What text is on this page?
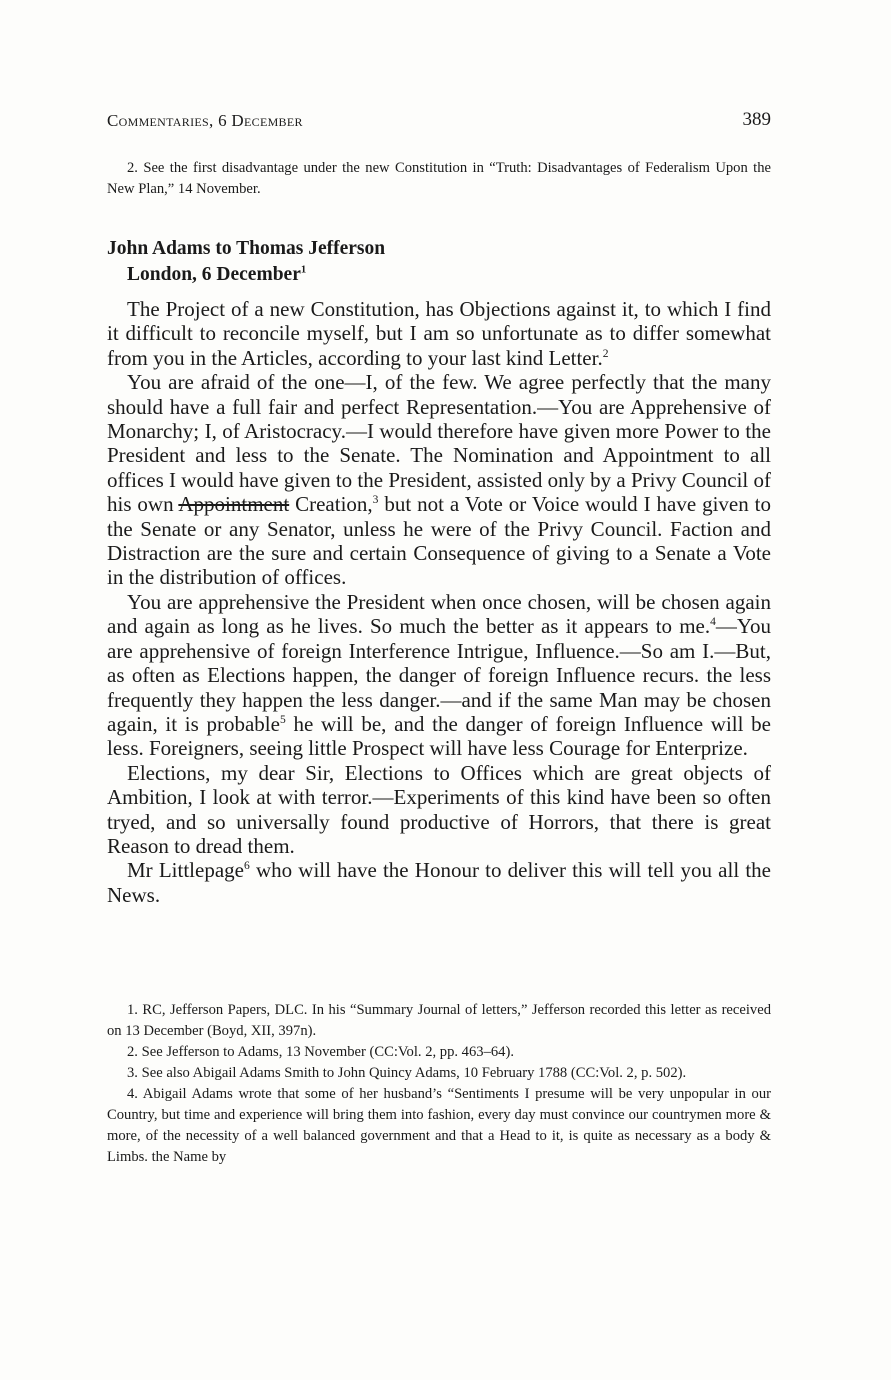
Commentaries, 6 December	389
2. See the first disadvantage under the new Constitution in “Truth: Disadvantages of Federalism Upon the New Plan,” 14 November.
John Adams to Thomas Jefferson
London, 6 December$^1$

The Project of a new Constitution, has Objections against it, to which I find it difficult to reconcile myself, but I am so unfortunate as to differ somewhat from you in the Articles, according to your last kind Letter.$^2$

You are afraid of the one—I, of the few. We agree perfectly that the many should have a full fair and perfect Representation.—You are Apprehensive of Monarchy; I, of Aristocracy.—I would therefore have given more Power to the President and less to the Senate. The Nomination and Appointment to all offices I would have given to the President, assisted only by a Privy Council of his own Appointment Creation,$^3$ but not a Vote or Voice would I have given to the Senate or any Senator, unless he were of the Privy Council. Faction and Distraction are the sure and certain Consequence of giving to a Senate a Vote in the distribution of offices.

You are apprehensive the President when once chosen, will be chosen again and again as long as he lives. So much the better as it appears to me.$^4$—You are apprehensive of foreign Interference Intrigue, Influence.—So am I.—But, as often as Elections happen, the danger of foreign Influence recurs. the less frequently they happen the less danger.—and if the same Man may be chosen again, it is probable$^5$ he will be, and the danger of foreign Influence will be less. Foreigners, seeing little Prospect will have less Courage for Enterprize.

Elections, my dear Sir, Elections to Offices which are great objects of Ambition, I look at with terror.—Experiments of this kind have been so often tryed, and so universally found productive of Horrors, that there is great Reason to dread them.

Mr Littlepage$^6$ who will have the Honour to deliver this will tell you all the News.

1. RC, Jefferson Papers, DLC. In his “Summary Journal of letters,” Jefferson recorded this letter as received on 13 December (Boyd, XII, 397n).

2. See Jefferson to Adams, 13 November (CC:Vol. 2, pp. 463–64).

3. See also Abigail Adams Smith to John Quincy Adams, 10 February 1788 (CC:Vol. 2, p. 502).

4. Abigail Adams wrote that some of her husband’s “Sentiments I presume will be very unpopular in our Country, but time and experience will bring them into fashion, every day must convince our countrymen more & more, of the necessity of a well balanced government and that a Head to it, is quite as necessary as a body & Limbs. the Name by
